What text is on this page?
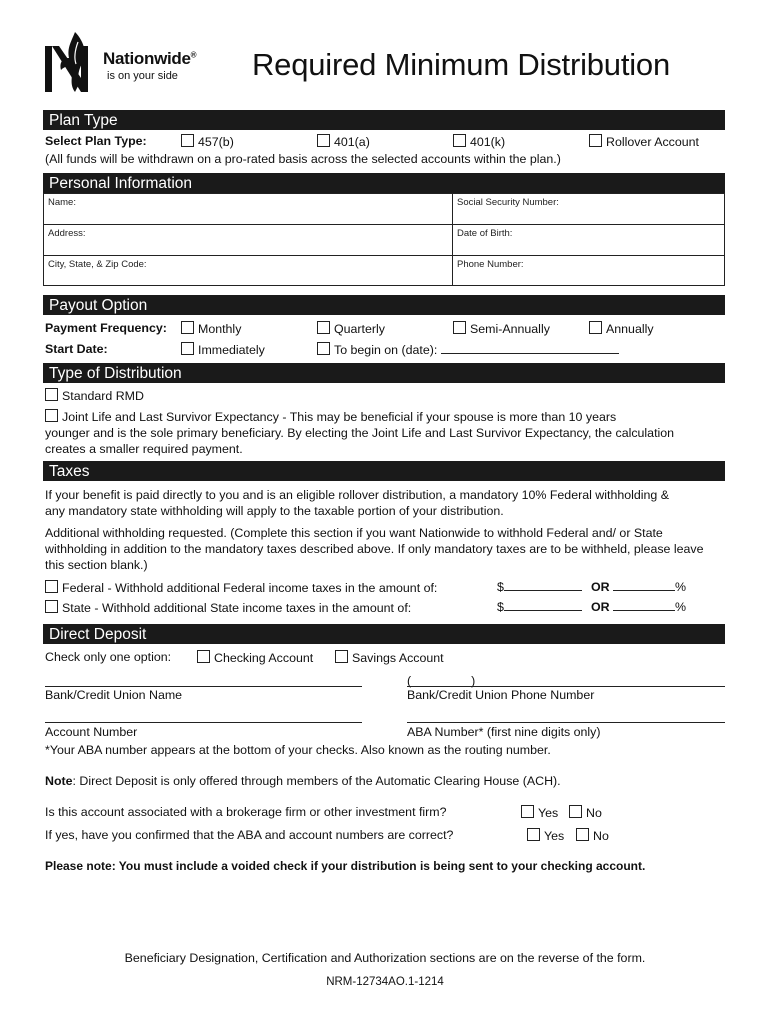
Nationwide®
is on your side Required Minimum Distribution
Plan Type
Select Plan Type:	457(b)	401(a)	401(k)	Rollover Account
(All funds will be withdrawn on a pro-rated basis across the selected accounts within the plan.)
Personal Information
Name:	Social Security Number:
Address:	Date of Birth:
City, State, & Zip Code:	Phone Number:
Payout Option
Payment Frequency:	Monthly	Quarterly	Semi-Annually	Annually
Start Date:	Immediately	To begin on (date):
Type of Distribution
Standard RMD
Joint Life and Last Survivor Expectancy - This may be beneficial if your spouse is more than 10 years
younger and is the sole primary beneficiary. By electing the Joint Life and Last Survivor Expectancy, the calculation creates a smaller required payment.
Taxes
If your benefit is paid directly to you and is an eligible rollover distribution, a mandatory 10% Federal withholding & any mandatory state withholding will apply to the taxable portion of your distribution.
Additional withholding requested. (Complete this section if you want Nationwide to withhold Federal and/ or State withholding in addition to the mandatory taxes described above. If only mandatory taxes are to be withheld, please leave this section blank.)
Federal - Withhold additional Federal income taxes in the amount of:	$	OR	%
State - Withhold additional State income taxes in the amount of:	$	OR	%
Direct Deposit
Check only one option:	Checking Account	Savings Account
Bank/Credit Union Name
(	)
Bank/Credit Union Phone Number
Account Number	ABA Number* (first nine digits only)
*Your ABA number appears at the bottom of your checks. Also known as the routing number.
Note: Direct Deposit is only offered through members of the Automatic Clearing House (ACH).
Is this account associated with a brokerage firm or other investment firm?	Yes	No
If yes, have you confirmed that the ABA and account numbers are correct?	Yes	No
Please note: You must include a voided check if your distribution is being sent to your checking account.
Beneficiary Designation, Certification and Authorization sections are on the reverse of the form.
NRM-12734AO.1-1214
